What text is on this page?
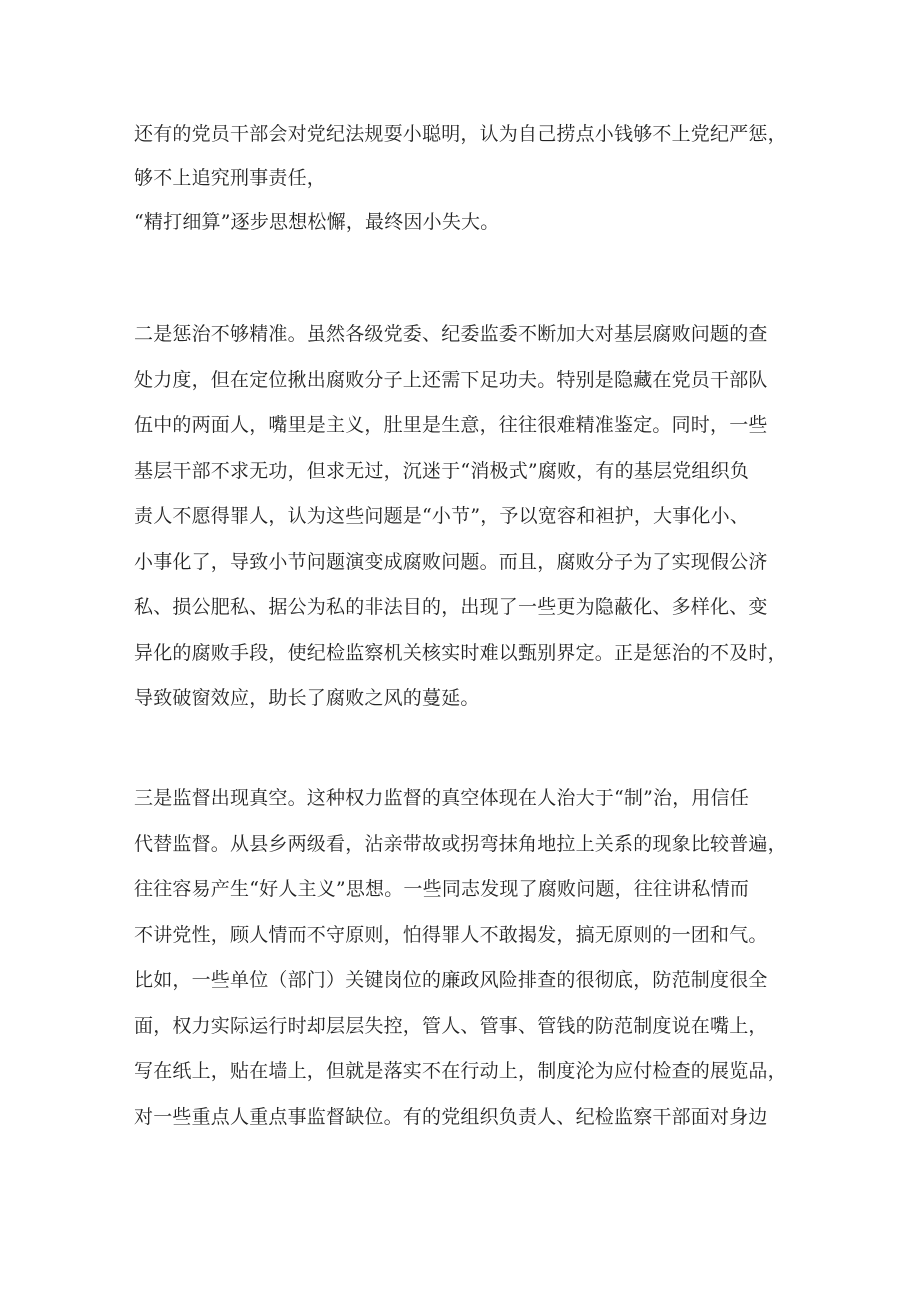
还有的党员干部会对党纪法规耍小聪明，认为自己捞点小钱够不上党纪严惩，
够不上追究刑事责任，
“精打细算”逐步思想松懈，最终因小失大。
二是惩治不够精准。虽然各级党委、纪委监委不断加大对基层腐败问题的查
处力度，但在定位揪出腐败分子上还需下足功夫。特别是隐藏在党员干部队
伍中的两面人，嘴里是主义，肚里是生意，往往很难精准鉴定。同时，一些
基层干部不求无功，但求无过，沉迷于“消极式”腐败，有的基层党组织负
责人不愿得罪人，认为这些问题是“小节”，予以宽容和袒护，大事化小、
小事化了，导致小节问题演变成腐败问题。而且，腐败分子为了实现假公济
私、损公肥私、据公为私的非法目的，出现了一些更为隐蔽化、多样化、变
异化的腐败手段，使纪检监察机关核实时难以甄别界定。正是惩治的不及时，
导致破窗效应，助长了腐败之风的蔓延。
三是监督出现真空。这种权力监督的真空体现在人治大于“制”治，用信任
代替监督。从县乡两级看，沾亲带故或拐弯抹角地拉上关系的现象比较普遍，
往往容易产生“好人主义”思想。一些同志发现了腐败问题，往往讲私情而
不讲党性，顾人情而不守原则，怕得罪人不敢揭发，搞无原则的一团和气。
比如，一些单位（部门）关键岗位的廉政风险排查的很彻底，防范制度很全
面，权力实际运行时却层层失控，管人、管事、管钱的防范制度说在嘴上，
写在纸上，贴在墙上，但就是落实不在行动上，制度沦为应付检查的展览品，
对一些重点人重点事监督缺位。有的党组织负责人、纪检监察干部面对身边
